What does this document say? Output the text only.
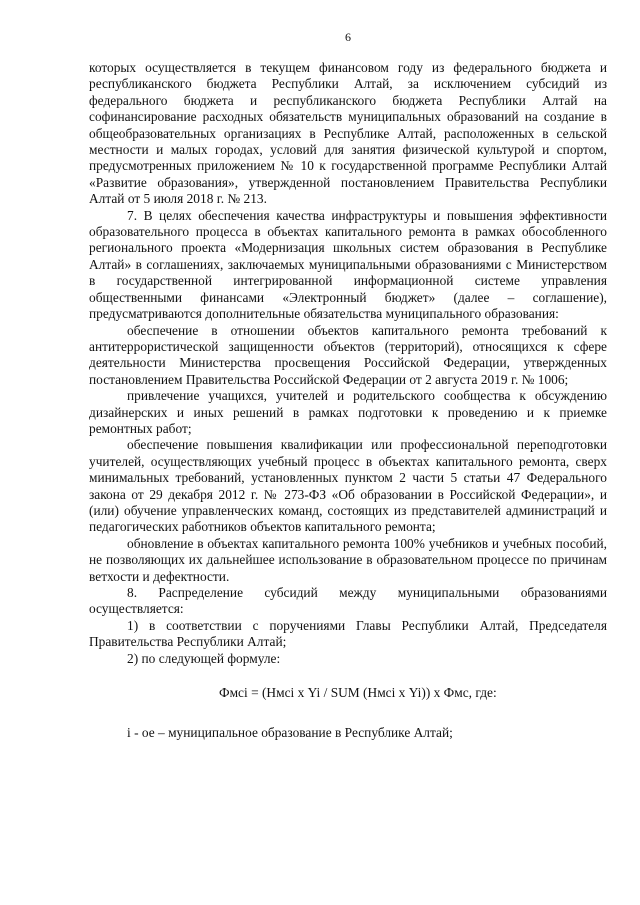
6

которых осуществляется в текущем финансовом году из федерального бюджета и республиканского бюджета Республики Алтай, за исключением субсидий из федерального бюджета и республиканского бюджета Республики Алтай на софинансирование расходных обязательств муниципальных образований на создание в общеобразовательных организациях в Республике Алтай, расположенных в сельской местности и малых городах, условий для занятия физической культурой и спортом, предусмотренных приложением № 10 к государственной программе Республики Алтай «Развитие образования», утвержденной постановлением Правительства Республики Алтай от 5 июля 2018 г. № 213.

7. В целях обеспечения качества инфраструктуры и повышения эффективности образовательного процесса в объектах капитального ремонта в рамках обособленного регионального проекта «Модернизация школьных систем образования в Республике Алтай» в соглашениях, заключаемых муниципальными образованиями с Министерством в государственной интегрированной информационной системе управления общественными финансами «Электронный бюджет» (далее – соглашение), предусматриваются дополнительные обязательства муниципального образования:

обеспечение в отношении объектов капитального ремонта требований к антитеррористической защищенности объектов (территорий), относящихся к сфере деятельности Министерства просвещения Российской Федерации, утвержденных постановлением Правительства Российской Федерации от 2 августа 2019 г. № 1006;

привлечение учащихся, учителей и родительского сообщества к обсуждению дизайнерских и иных решений в рамках подготовки к проведению и к приемке ремонтных работ;

обеспечение повышения квалификации или профессиональной переподготовки учителей, осуществляющих учебный процесс в объектах капитального ремонта, сверх минимальных требований, установленных пунктом 2 части 5 статьи 47 Федерального закона от 29 декабря 2012 г. № 273-ФЗ «Об образовании в Российской Федерации», и (или) обучение управленческих команд, состоящих из представителей администраций и педагогических работников объектов капитального ремонта;

обновление в объектах капитального ремонта 100% учебников и учебных пособий, не позволяющих их дальнейшее использование в образовательном процессе по причинам ветхости и дефектности.

8. Распределение субсидий между муниципальными образованиями осуществляется:

1) в соответствии с поручениями Главы Республики Алтай, Председателя Правительства Республики Алтай;

2) по следующей формуле:

Фмсi = (Нмсi х Yi / SUM (Нмсi х Yi)) х Фмс, где:

i - ое – муниципальное образование в Республике Алтай;
